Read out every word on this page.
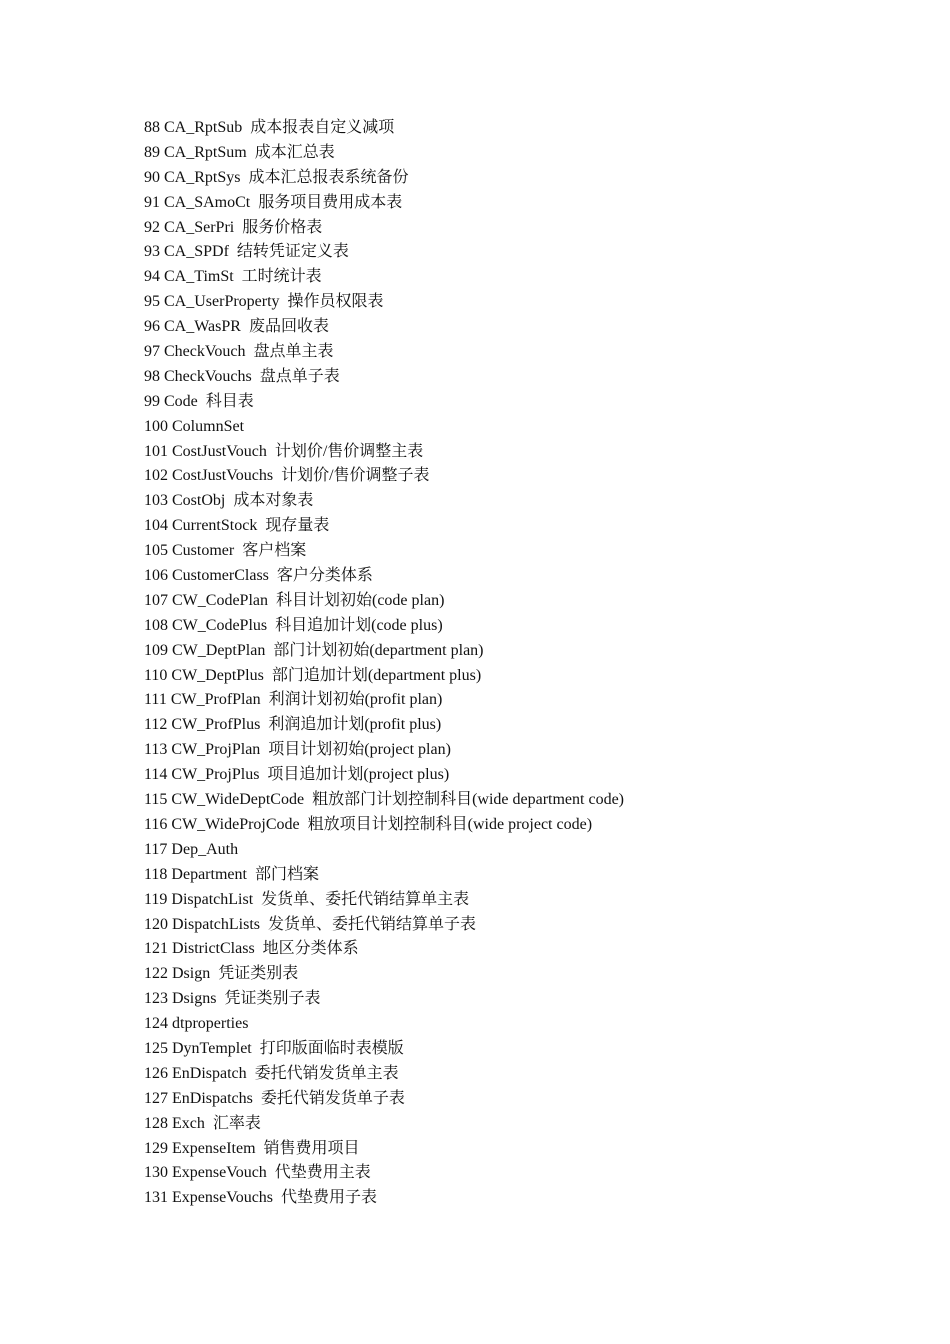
88 CA_RptSub 成本报表自定义减项
89 CA_RptSum 成本汇总表
90 CA_RptSys 成本汇总报表系统备份
91 CA_SAmoCt 服务项目费用成本表
92 CA_SerPri 服务价格表
93 CA_SPDf 结转凭证定义表
94 CA_TimSt 工时统计表
95 CA_UserProperty 操作员权限表
96 CA_WasPR 废品回收表
97 CheckVouch 盘点单主表
98 CheckVouchs 盘点单子表
99 Code 科目表
100 ColumnSet
101 CostJustVouch 计划价/售价调整主表
102 CostJustVouchs 计划价/售价调整子表
103 CostObj 成本对象表
104 CurrentStock 现存量表
105 Customer 客户档案
106 CustomerClass 客户分类体系
107 CW_CodePlan 科目计划初始(code plan)
108 CW_CodePlus 科目追加计划(code plus)
109 CW_DeptPlan 部门计划初始(department plan)
110 CW_DeptPlus 部门追加计划(department plus)
111 CW_ProfPlan 利润计划初始(profit plan)
112 CW_ProfPlus 利润追加计划(profit plus)
113 CW_ProjPlan 项目计划初始(project plan)
114 CW_ProjPlus 项目追加计划(project plus)
115 CW_WideDeptCode 粗放部门计划控制科目(wide department code)
116 CW_WideProjCode 粗放项目计划控制科目(wide project code)
117 Dep_Auth
118 Department 部门档案
119 DispatchList 发货单、委托代销结算单主表
120 DispatchLists 发货单、委托代销结算单子表
121 DistrictClass 地区分类体系
122 Dsign 凭证类别表
123 Dsigns 凭证类别子表
124 dtproperties
125 DynTemplet 打印版面临时表模版
126 EnDispatch 委托代销发货单主表
127 EnDispatchs 委托代销发货单子表
128 Exch 汇率表
129 ExpenseItem 销售费用项目
130 ExpenseVouch 代垫费用主表
131 ExpenseVouchs 代垫费用子表
